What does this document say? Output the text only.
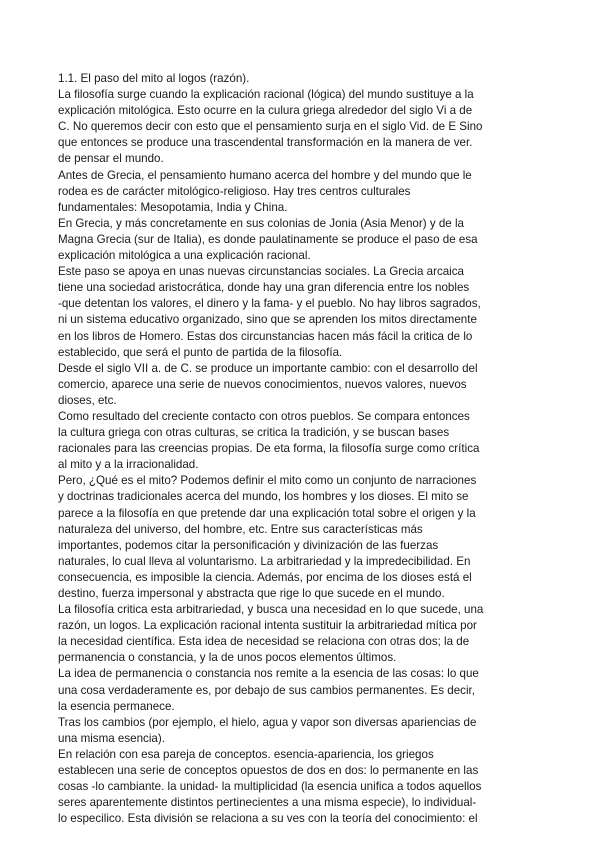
1.1. El paso del mito al logos (razón).
La filosofía surge cuando la explicación racional (lógica) del mundo sustituye a la
explicación mitológica. Esto ocurre en la culura griega alrededor del siglo Vi a de
C. No queremos decir con esto que el pensamiento surja en el siglo Vid. de E Sino
que entonces se produce una trascendental transformación en la manera de ver.
de pensar el mundo.
Antes de Grecia, el pensamiento humano acerca del hombre y del mundo que le
rodea es de carácter mitológico-religioso. Hay tres centros culturales
fundamentales: Mesopotamia, India y China.
En Grecia, y más concretamente en sus colonias de Jonia (Asia Menor) y de la
Magna Grecia (sur de Italia), es donde paulatinamente se produce el paso de esa
explicación mitológica a una explicación racional.
Este paso se apoya en unas nuevas circunstancias sociales. La Grecia arcaica
tiene una sociedad aristocrática, donde hay una gran diferencia entre los nobles
-que detentan los valores, el dinero y la fama- y el pueblo. No hay libros sagrados,
ni un sistema educativo organizado, sino que se aprenden los mitos directamente
en los libros de Homero. Estas dos circunstancias hacen más fácil la critica de lo
establecido, que será el punto de partida de la filosofía.
Desde el siglo VII a. de C. se produce un importante cambio: con el desarrollo del
comercio, aparece una serie de nuevos conocimientos, nuevos valores, nuevos
dioses, etc.
Como resultado del creciente contacto con otros pueblos. Se compara entonces
la cultura griega con otras culturas, se critica la tradición, y se buscan bases
racionales para las creencias propias. De eta forma, la filosofía surge como crítica
al mito y a la irracionalidad.
Pero, ¿Qué es el mito? Podemos definir el mito como un conjunto de narraciones
y doctrinas tradicionales acerca del mundo, los hombres y los dioses. El mito se
parece a la filosofía en que pretende dar una explicación total sobre el origen y la
naturaleza del universo, del hombre, etc. Entre sus características más
importantes, podemos citar la personificación y divinización de las fuerzas
naturales, lo cual lleva al voluntarismo. La arbitrariedad y la impredecibilidad. En
consecuencia, es imposible la ciencia. Además, por encima de los dioses está el
destino, fuerza impersonal y abstracta que rige lo que sucede en el mundo.
La filosofía critica esta arbitrariedad, y busca una necesidad en lo que sucede, una
razón, un logos. La explicación racional intenta sustituir la arbitrariedad mítica por
la necesidad científica. Esta idea de necesidad se relaciona con otras dos; la de
permanencia o constancia, y la de unos pocos elementos últimos.
La idea de permanencia o constancia nos remite a la esencia de las cosas: lo que
una cosa verdaderamente es, por debajo de sus cambios permanentes. Es decir,
la esencia permanece.
Tras los cambios (por ejemplo, el hielo, agua y vapor son diversas apariencias de
una misma esencia).
En relación con esa pareja de conceptos. esencia-apariencia, los griegos
establecen una serie de conceptos opuestos de dos en dos: lo permanente en las
cosas -lo cambiante. la unidad- la multiplicidad (la esencia unifica a todos aquellos
seres aparentemente distintos pertinecientes a una misma especie), lo individual-
lo especilico. Esta división se relaciona a su ves con la teoría del conocimiento: el
